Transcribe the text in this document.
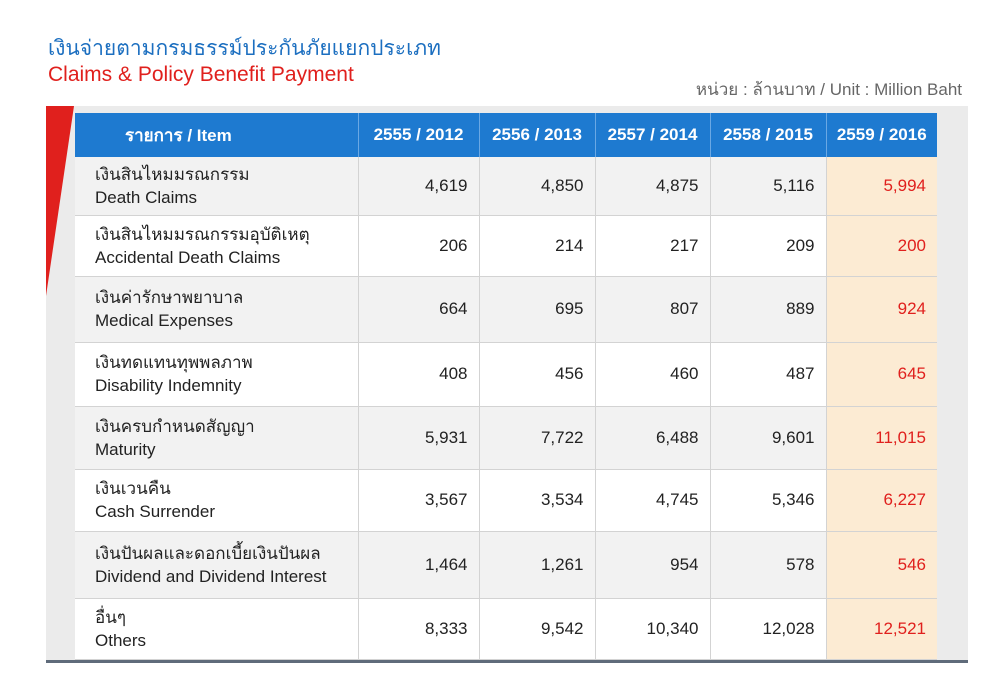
เงินจ่ายตามกรมธรรม์ประกันภัยแยกประเภท
Claims & Policy Benefit Payment
หน่วย : ล้านบาท / Unit : Million Baht
รายการ / Item	2555 / 2012	2556 / 2013	2557 / 2014	2558 / 2015	2559 / 2016

เงินสินไหมมรณกรรม
Death Claims	4,619	4,850	4,875	5,116	5,994

เงินสินไหมมรณกรรมอุบัติเหตุ
Accidental Death Claims	206	214	217	209	200

เงินค่ารักษาพยาบาล
Medical Expenses	664	695	807	889	924

เงินทดแทนทุพพลภาพ
Disability Indemnity	408	456	460	487	645

เงินครบกำหนดสัญญา
Maturity	5,931	7,722	6,488	9,601	11,015

เงินเวนคืน
Cash Surrender	3,567	3,534	4,745	5,346	6,227

เงินปันผลและดอกเบี้ยเงินปันผล
Dividend and Dividend Interest	1,464	1,261	954	578	546

อื่นๆ
Others	8,333	9,542	10,340	12,028	12,521
